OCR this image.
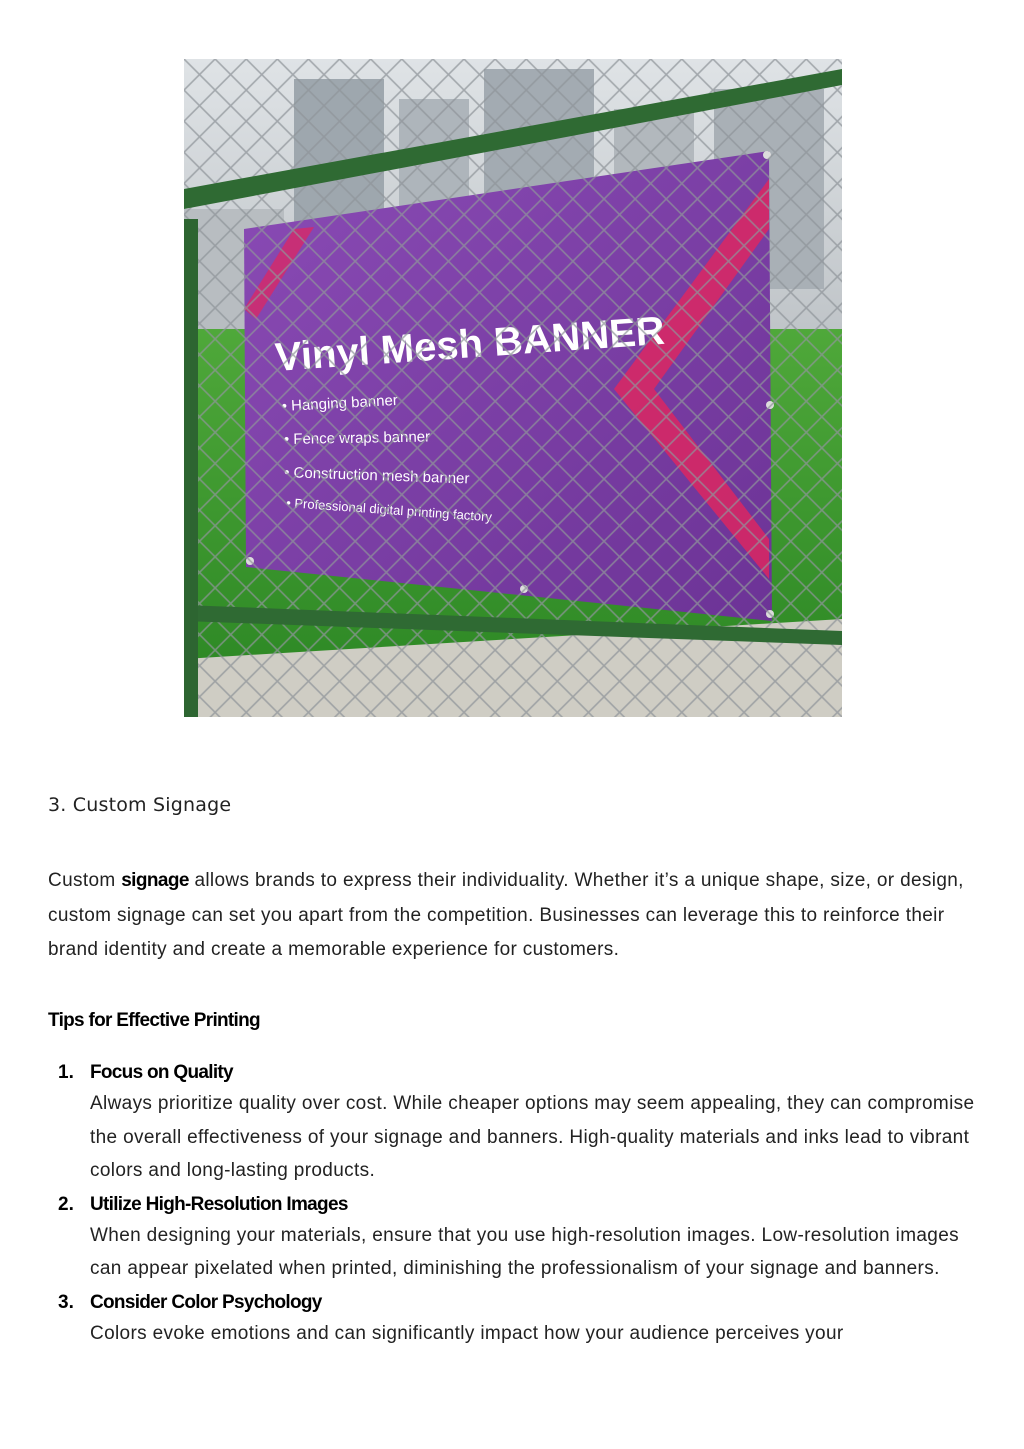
3. Custom Signage

Custom signage allows brands to express their individuality. Whether it’s a unique shape, size, or design, custom signage can set you apart from the competition. Businesses can leverage this to reinforce their brand identity and create a memorable experience for customers.

Tips for Effective Printing
1. Focus on Quality
Always prioritize quality over cost. While cheaper options may seem appealing, they can compromise the overall effectiveness of your signage and banners. High-quality materials and inks lead to vibrant colors and long-lasting products.
2. Utilize High-Resolution Images
When designing your materials, ensure that you use high-resolution images. Low-resolution images can appear pixelated when printed, diminishing the professionalism of your signage and banners.
3. Consider Color Psychology
Colors evoke emotions and can significantly impact how your audience perceives your
